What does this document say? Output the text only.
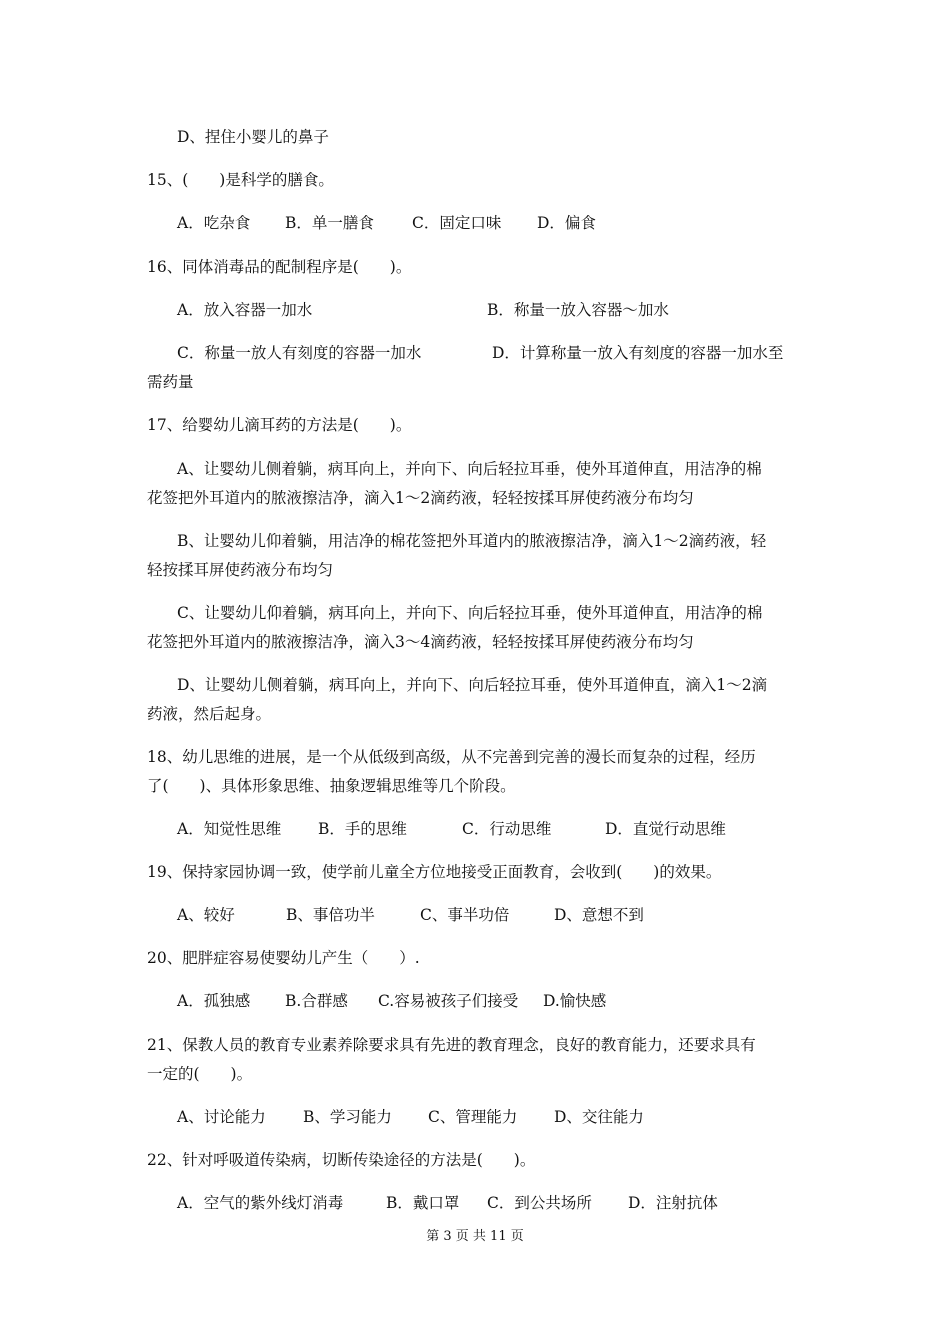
D、捏住小婴儿的鼻子
15、(　　)是科学的膳食。
A．吃杂食 B．单一膳食 C．固定口味 D．偏食
16、同体消毒品的配制程序是(　　)。
A．放入容器一加水	B．称量一放入容器～加水
C．称量一放人有刻度的容器一加水	D．计算称量一放入有刻度的容器一加水至
需药量
17、给婴幼儿滴耳药的方法是(　　)。
A、让婴幼儿侧着躺，病耳向上，并向下、向后轻拉耳垂，使外耳道伸直，用洁净的棉
花签把外耳道内的脓液擦洁净，滴入1～2滴药液，轻轻按揉耳屏使药液分布均匀
B、让婴幼儿仰着躺，用洁净的棉花签把外耳道内的脓液擦洁净，滴入1～2滴药液，轻
轻按揉耳屏使药液分布均匀
C、让婴幼儿仰着躺，病耳向上，并向下、向后轻拉耳垂，使外耳道伸直，用洁净的棉
花签把外耳道内的脓液擦洁净，滴入3～4滴药液，轻轻按揉耳屏使药液分布均匀
D、让婴幼儿侧着躺，病耳向上，并向下、向后轻拉耳垂，使外耳道伸直，滴入1～2滴
药液，然后起身。
18、幼儿思维的进展，是一个从低级到高级，从不完善到完善的漫长而复杂的过程，经历
了(　　)、具体形象思维、抽象逻辑思维等几个阶段。
A．知觉性思维 B．手的思维	C．行动思维	D．直觉行动思维
19、保持家园协调一致，使学前儿童全方位地接受正面教育，会收到(　　)的效果。
A、较好	B、事倍功半	C、事半功倍	D、意想不到
20、肥胖症容易使婴幼儿产生（　　）.
A．孤独感 B.合群感 C.容易被孩子们接受 D.愉快感
21、保教人员的教育专业素养除要求具有先进的教育理念，良好的教育能力，还要求具有
一定的(　　)。
A、讨论能力 B、学习能力 C、管理能力 D、交往能力
22、针对呼吸道传染病，切断传染途径的方法是(　　)。
A．空气的紫外线灯消毒	B．戴口罩 C．到公共场所 D．注射抗体
第 3 页 共 11 页
